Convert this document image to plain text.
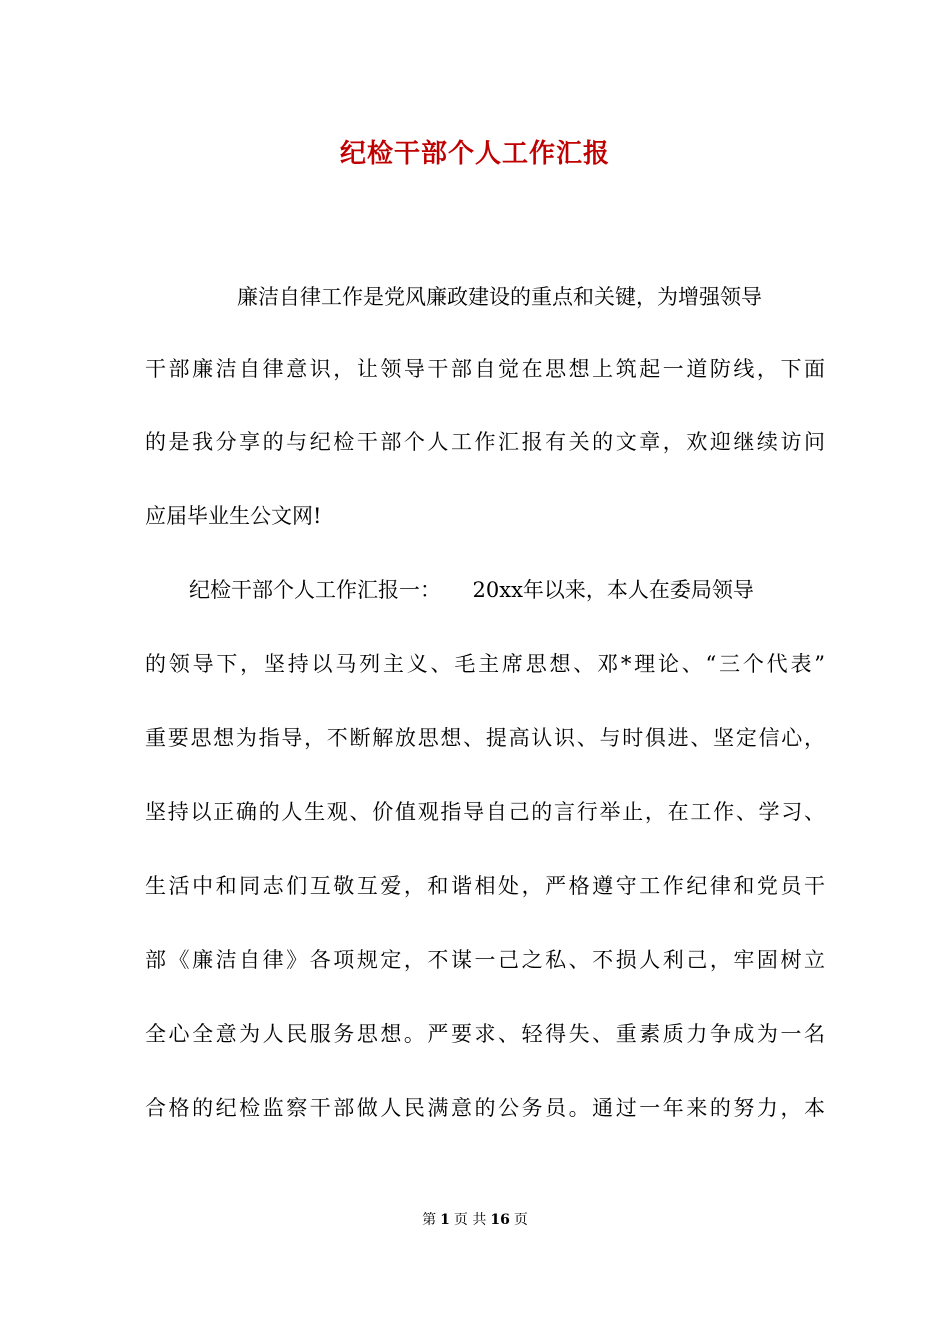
纪检干部个人工作汇报
廉洁自律工作是党风廉政建设的重点和关键，为增强领导
干部廉洁自律意识，让领导干部自觉在思想上筑起一道防线，下面
的是我分享的与纪检干部个人工作汇报有关的文章，欢迎继续访问
应届毕业生公文网!
纪检干部个人工作汇报一：　　20xx年以来，本人在委局领导
的领导下，坚持以马列主义、毛主席思想、邓*理论、“三个代表”
重要思想为指导，不断解放思想、提高认识、与时俱进、坚定信心，
坚持以正确的人生观、价值观指导自己的言行举止，在工作、学习、
生活中和同志们互敬互爱，和谐相处，严格遵守工作纪律和党员干
部《廉洁自律》各项规定，不谋一己之私、不损人利己，牢固树立
全心全意为人民服务思想。严要求、轻得失、重素质力争成为一名
合格的纪检监察干部做人民满意的公务员。通过一年来的努力，本
第 1 页 共 16 页
